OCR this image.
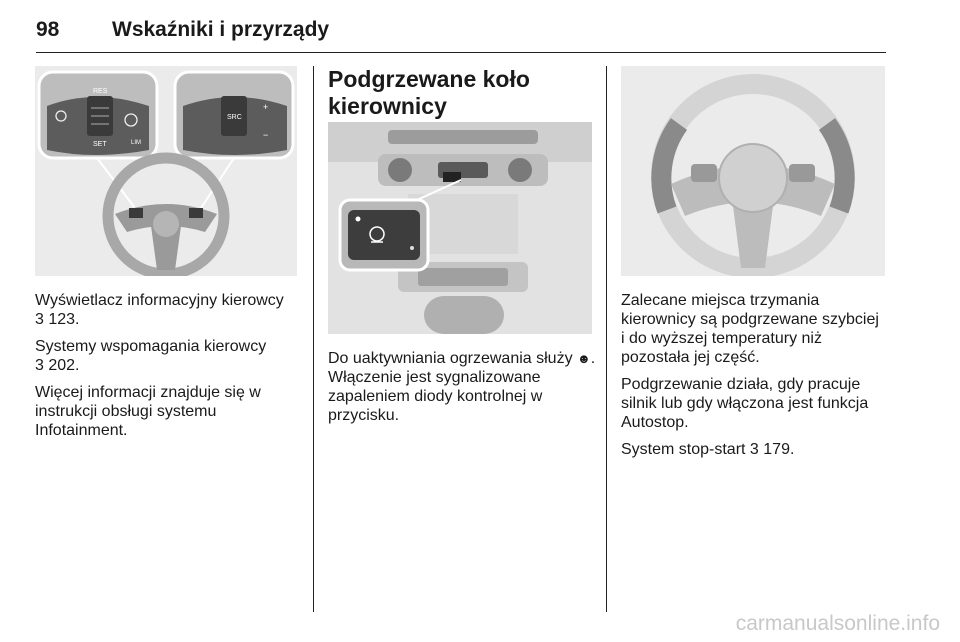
98	Wskaźniki i przyrządy
RES
SET	LIM
SRC
+
−

Wyświetlacz informacyjny kierowcy
3 123.

Systemy wspomagania kierowcy
3 202.

Więcej informacji znajduje się w
instrukcji obsługi systemu
Infotainment.

Podgrzewane koło
kierownicy

Do uaktywniania ogrzewania służy ☻.
Włączenie jest sygnalizowane
zapaleniem diody kontrolnej w
przycisku.

Zalecane miejsca trzymania
kierownicy są podgrzewane szybciej
i do wyższej temperatury niż
pozostała jej część.

Podgrzewanie działa, gdy pracuje
silnik lub gdy włączona jest funkcja
Autostop.

System stop-start 3 179.

carmanualsonline.info
